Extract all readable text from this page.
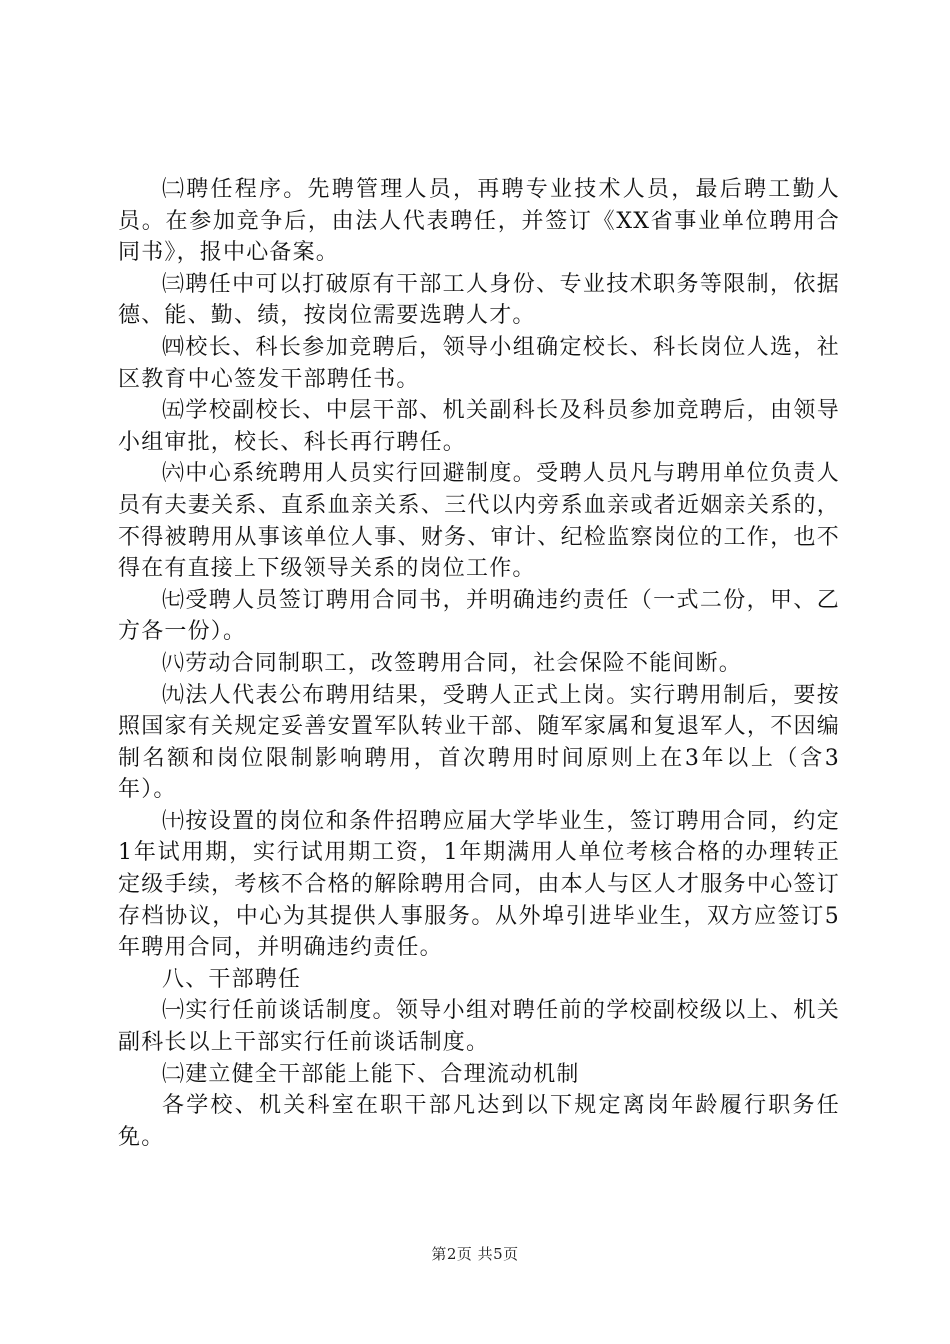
㈡聘任程序。先聘管理人员，再聘专业技术人员，最后聘工勤人员。在参加竞争后，由法人代表聘任，并签订《XX省事业单位聘用合同书》，报中心备案。

㈢聘任中可以打破原有干部工人身份、专业技术职务等限制，依据德、能、勤、绩，按岗位需要选聘人才。

㈣校长、科长参加竞聘后，领导小组确定校长、科长岗位人选，社区教育中心签发干部聘任书。

㈤学校副校长、中层干部、机关副科长及科员参加竞聘后，由领导小组审批，校长、科长再行聘任。

㈥中心系统聘用人员实行回避制度。受聘人员凡与聘用单位负责人员有夫妻关系、直系血亲关系、三代以内旁系血亲或者近姻亲关系的，不得被聘用从事该单位人事、财务、审计、纪检监察岗位的工作，也不得在有直接上下级领导关系的岗位工作。

㈦受聘人员签订聘用合同书，并明确违约责任（一式二份，甲、乙方各一份）。

㈧劳动合同制职工，改签聘用合同，社会保险不能间断。

㈨法人代表公布聘用结果，受聘人正式上岗。实行聘用制后，要按照国家有关规定妥善安置军队转业干部、随军家属和复退军人，不因编制名额和岗位限制影响聘用，首次聘用时间原则上在3年以上（含3年）。

㈩按设置的岗位和条件招聘应届大学毕业生，签订聘用合同，约定1年试用期，实行试用期工资，1年期满用人单位考核合格的办理转正定级手续，考核不合格的解除聘用合同，由本人与区人才服务中心签订存档协议，中心为其提供人事服务。从外埠引进毕业生，双方应签订5年聘用合同，并明确违约责任。

八、干部聘任

㈠实行任前谈话制度。领导小组对聘任前的学校副校级以上、机关副科长以上干部实行任前谈话制度。

㈡建立健全干部能上能下、合理流动机制

各学校、机关科室在职干部凡达到以下规定离岗年龄履行职务任免。

第2页 共5页
